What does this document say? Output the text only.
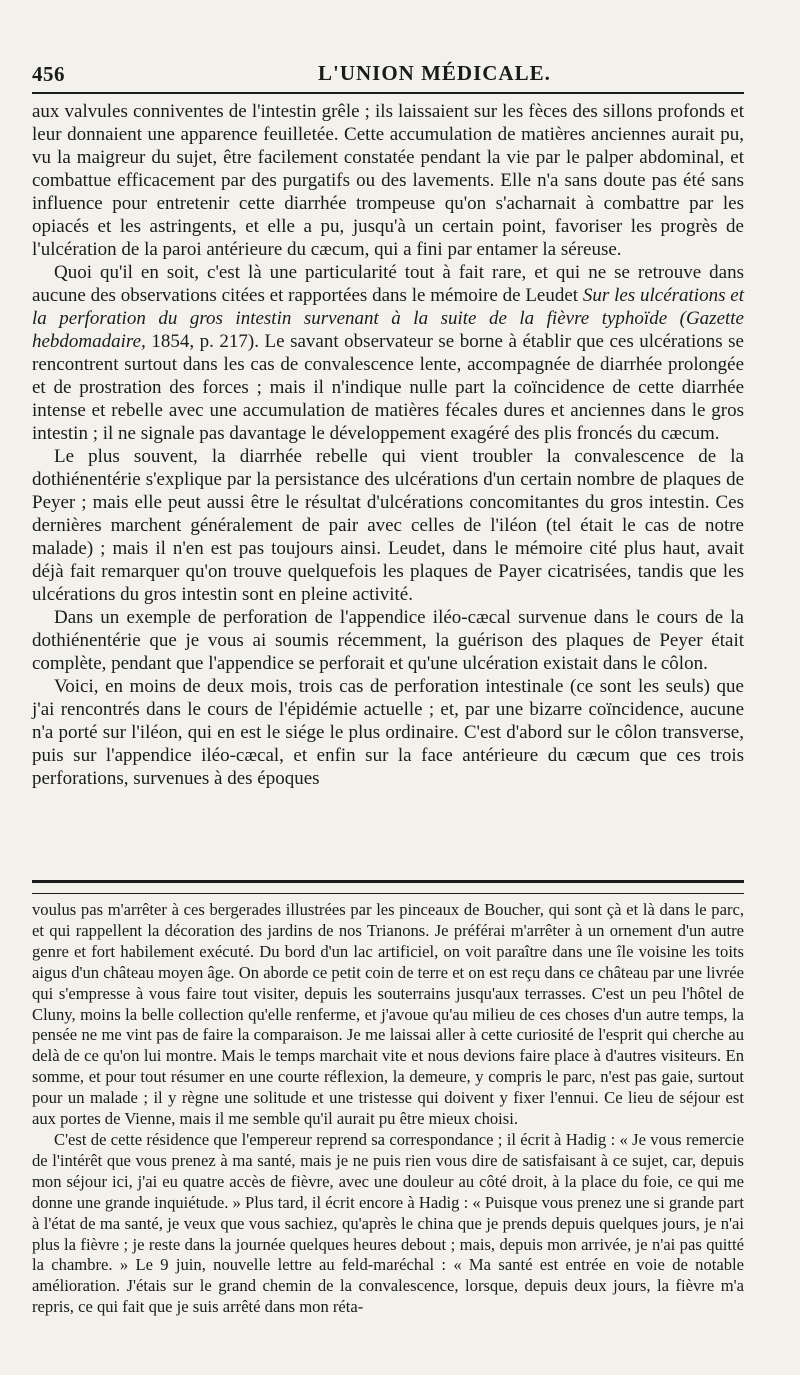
456	L'UNION MÉDICALE.

aux valvules conniventes de l'intestin grêle ; ils laissaient sur les fèces des sillons profonds et leur donnaient une apparence feuilletée. Cette accumulation de matières anciennes aurait pu, vu la maigreur du sujet, être facilement constatée pendant la vie par le palper abdominal, et combattue efficacement par des purgatifs ou des lavements. Elle n'a sans doute pas été sans influence pour entretenir cette diarrhée trompeuse qu'on s'acharnait à combattre par les opiacés et les astringents, et elle a pu, jusqu'à un certain point, favoriser les progrès de l'ulcération de la paroi antérieure du cæcum, qui a fini par entamer la séreuse.

Quoi qu'il en soit, c'est là une particularité tout à fait rare, et qui ne se retrouve dans aucune des observations citées et rapportées dans le mémoire de Leudet Sur les ulcérations et la perforation du gros intestin survenant à la suite de la fièvre typhoïde (Gazette hebdomadaire, 1854, p. 217). Le savant observateur se borne à établir que ces ulcérations se rencontrent surtout dans les cas de convalescence lente, accompagnée de diarrhée prolongée et de prostration des forces ; mais il n'indique nulle part la coïncidence de cette diarrhée intense et rebelle avec une accumulation de matières fécales dures et anciennes dans le gros intestin ; il ne signale pas davantage le développement exagéré des plis froncés du cæcum.

Le plus souvent, la diarrhée rebelle qui vient troubler la convalescence de la dothiénentérie s'explique par la persistance des ulcérations d'un certain nombre de plaques de Peyer ; mais elle peut aussi être le résultat d'ulcérations concomitantes du gros intestin. Ces dernières marchent généralement de pair avec celles de l'iléon (tel était le cas de notre malade) ; mais il n'en est pas toujours ainsi. Leudet, dans le mémoire cité plus haut, avait déjà fait remarquer qu'on trouve quelquefois les plaques de Payer cicatrisées, tandis que les ulcérations du gros intestin sont en pleine activité.

Dans un exemple de perforation de l'appendice iléo-cæcal survenue dans le cours de la dothiénentérie que je vous ai soumis récemment, la guérison des plaques de Peyer était complète, pendant que l'appendice se perforait et qu'une ulcération existait dans le côlon.

Voici, en moins de deux mois, trois cas de perforation intestinale (ce sont les seuls) que j'ai rencontrés dans le cours de l'épidémie actuelle ; et, par une bizarre coïncidence, aucune n'a porté sur l'iléon, qui en est le siége le plus ordinaire. C'est d'abord sur le côlon transverse, puis sur l'appendice iléo-cæcal, et enfin sur la face antérieure du cæcum que ces trois perforations, survenues à des époques

voulus pas m'arrêter à ces bergerades illustrées par les pinceaux de Boucher, qui sont çà et là dans le parc, et qui rappellent la décoration des jardins de nos Trianons. Je préférai m'arrêter à un ornement d'un autre genre et fort habilement exécuté. Du bord d'un lac artificiel, on voit paraître dans une île voisine les toits aigus d'un château moyen âge. On aborde ce petit coin de terre et on est reçu dans ce château par une livrée qui s'empresse à vous faire tout visiter, depuis les souterrains jusqu'aux terrasses. C'est un peu l'hôtel de Cluny, moins la belle collection qu'elle renferme, et j'avoue qu'au milieu de ces choses d'un autre temps, la pensée ne me vint pas de faire la comparaison. Je me laissai aller à cette curiosité de l'esprit qui cherche au delà de ce qu'on lui montre. Mais le temps marchait vite et nous devions faire place à d'autres visiteurs. En somme, et pour tout résumer en une courte réflexion, la demeure, y compris le parc, n'est pas gaie, surtout pour un malade ; il y règne une solitude et une tristesse qui doivent y fixer l'ennui. Ce lieu de séjour est aux portes de Vienne, mais il me semble qu'il aurait pu être mieux choisi.

C'est de cette résidence que l'empereur reprend sa correspondance ; il écrit à Hadig : « Je vous remercie de l'intérêt que vous prenez à ma santé, mais je ne puis rien vous dire de satisfaisant à ce sujet, car, depuis mon séjour ici, j'ai eu quatre accès de fièvre, avec une douleur au côté droit, à la place du foie, ce qui me donne une grande inquiétude. » Plus tard, il écrit encore à Hadig : « Puisque vous prenez une si grande part à l'état de ma santé, je veux que vous sachiez, qu'après le china que je prends depuis quelques jours, je n'ai plus la fièvre ; je reste dans la journée quelques heures debout ; mais, depuis mon arrivée, je n'ai pas quitté la chambre. » Le 9 juin, nouvelle lettre au feld-maréchal : « Ma santé est entrée en voie de notable amélioration. J'étais sur le grand chemin de la convalescence, lorsque, depuis deux jours, la fièvre m'a repris, ce qui fait que je suis arrêté dans mon réta-
